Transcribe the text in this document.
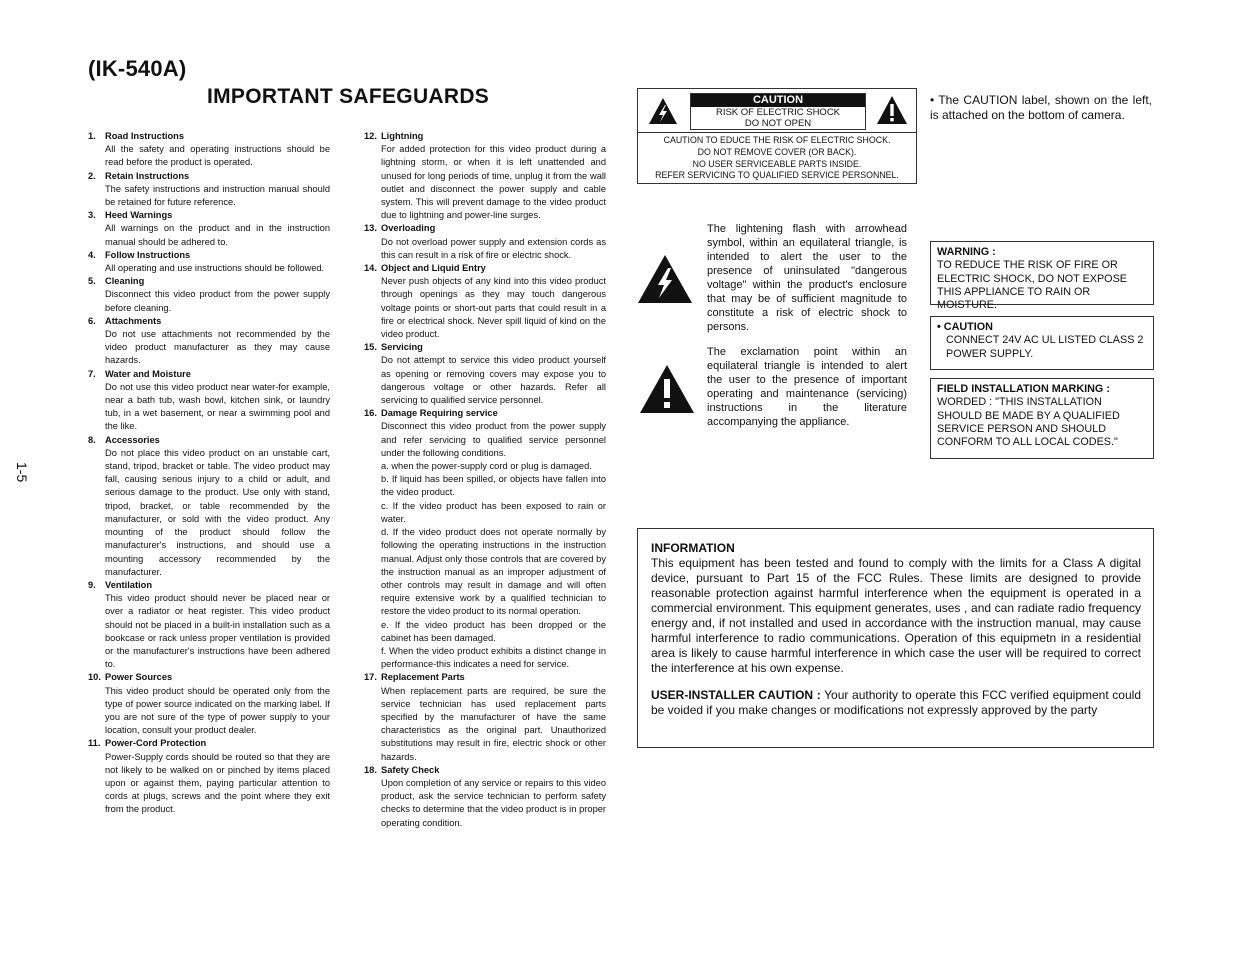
(IK-540A)
IMPORTANT SAFEGUARDS
1-5
1. Road Instructions
All the safety and operating instructions should be read before the product is operated.
2. Retain Instructions
The safety instructions and instruction manual should be retained for future reference.
3. Heed Warnings
All warnings on the product and in the instruction manual should be adhered to.
4. Follow Instructions
All operating and use instructions should be followed.
5. Cleaning
Disconnect this video product from the power supply before cleaning.
6. Attachments
Do not use attachments not recommended by the video product manufacturer as they may cause hazards.
7. Water and Moisture
Do not use this video product near water-for example, near a bath tub, wash bowl, kitchen sink, or laundry tub, in a wet basement, or near a swimming pool and the like.
8. Accessories
Do not place this video product on an unstable cart, stand, tripod, bracket or table. The video product may fall, causing serious injury to a child or adult, and serious damage to the product. Use only with stand, tripod, bracket, or table recommended by the manufacturer, or sold with the video product. Any mounting of the product should follow the manufacturer's instructions, and should use a mounting accessory recommended by the manufacturer.
9. Ventilation
This video product should never be placed near or over a radiator or heat register. This video product should not be placed in a built-in installation such as a bookcase or rack unless proper ventilation is provided or the manufacturer's instructions have been adhered to.
10. Power Sources
This video product should be operated only from the type of power source indicated on the marking label. If you are not sure of the type of power supply to your location, consult your product dealer.
11. Power-Cord Protection
Power-Supply cords should be routed so that they are not likely to be walked on or pinched by items placed upon or against them, paying particular attention to cords at plugs, screws and the point where they exit from the product.
12. Lightning
For added protection for this video product during a lightning storm, or when it is left unattended and unused for long periods of time, unplug it from the wall outlet and disconnect the power supply and cable system. This will prevent damage to the video product due to lightning and power-line surges.
13. Overloading
Do not overload power supply and extension cords as this can result in a risk of fire or electric shock.
14. Object and Liquid Entry
Never push objects of any kind into this video product through openings as they may touch dangerous voltage points or short-out parts that could result in a fire or electrical shock. Never spill liquid of kind on the video product.
15. Servicing
Do not attempt to service this video product yourself as opening or removing covers may expose you to dangerous voltage or other hazards. Refer all servicing to qualified service personnel.
16. Damage Requiring service
Disconnect this video product from the power supply and refer servicing to qualified service personnel under the following conditions.
a. when the power-supply cord or plug is damaged.
b. If liquid has been spilled, or objects have fallen into the video product.
c. If the video product has been exposed to rain or water.
d. If the video product does not operate normally by following the operating instructions in the instruction manual. Adjust only those controls that are covered by the instruction manual as an improper adjustment of other controls may result in damage and will often require extensive work by a qualified technician to restore the video product to its normal operation.
e. If the video product has been dropped or the cabinet has been damaged.
f. When the video product exhibits a distinct change in performance-this indicates a need for service.
17. Replacement Parts
When replacement parts are required, be sure the service technician has used replacement parts specified by the manufacturer of have the same characteristics as the original part. Unauthorized substitutions may result in fire, electric shock or other hazards.
18. Safety Check
Upon completion of any service or repairs to this video product, ask the service technician to perform safety checks to determine that the video product is in proper operating condition.
CAUTION
RISK OF ELECTRIC SHOCK
DO NOT OPEN
CAUTION TO EDUCE THE RISK OF ELECTRIC SHOCK.
DO NOT REMOVE COVER (OR BACK).
NO USER SERVICEABLE PARTS INSIDE.
REFER SERVICING TO QUALIFIED SERVICE PERSONNEL.
• The CAUTION label, shown on the left, is attached on the bottom of camera.
The lightening flash with arrowhead symbol, within an equilateral triangle, is intended to alert the user to the presence of uninsulated "dangerous voltage" within the product's enclosure that may be of sufficient magnitude to constitute a risk of electric shock to persons.
The exclamation point within an equilateral triangle is intended to alert the user to the presence of important operating and maintenance (servicing) instructions in the literature accompanying the appliance.
WARNING :
TO REDUCE THE RISK OF FIRE OR ELECTRIC SHOCK, DO NOT EXPOSE THIS APPLIANCE TO RAIN OR MOISTURE.
• CAUTION
CONNECT 24V AC UL LISTED CLASS 2 POWER SUPPLY.
FIELD INSTALLATION MARKING :
WORDED : "THIS INSTALLATION SHOULD BE MADE BY A QUALIFIED SERVICE PERSON AND SHOULD CONFORM TO ALL LOCAL CODES."
INFORMATION

This equipment has been tested and found to comply with the limits for a Class A digital device, pursuant to Part 15 of the FCC Rules. These limits are designed to provide reasonable protection against harmful interference when the equipment is operated in a commercial environment. This equipment generates, uses , and can radiate radio frequency energy and, if not installed and used in accordance with the instruction manual, may cause harmful interference to radio communications. Operation of this equipmetn in a residential area is likely to cause harmful interference in which case the user will be required to correct the interference at his own expense.

USER-INSTALLER CAUTION : Your authority to operate this FCC verified equipment could be voided if you make changes or modifications not expressly approved by the party
